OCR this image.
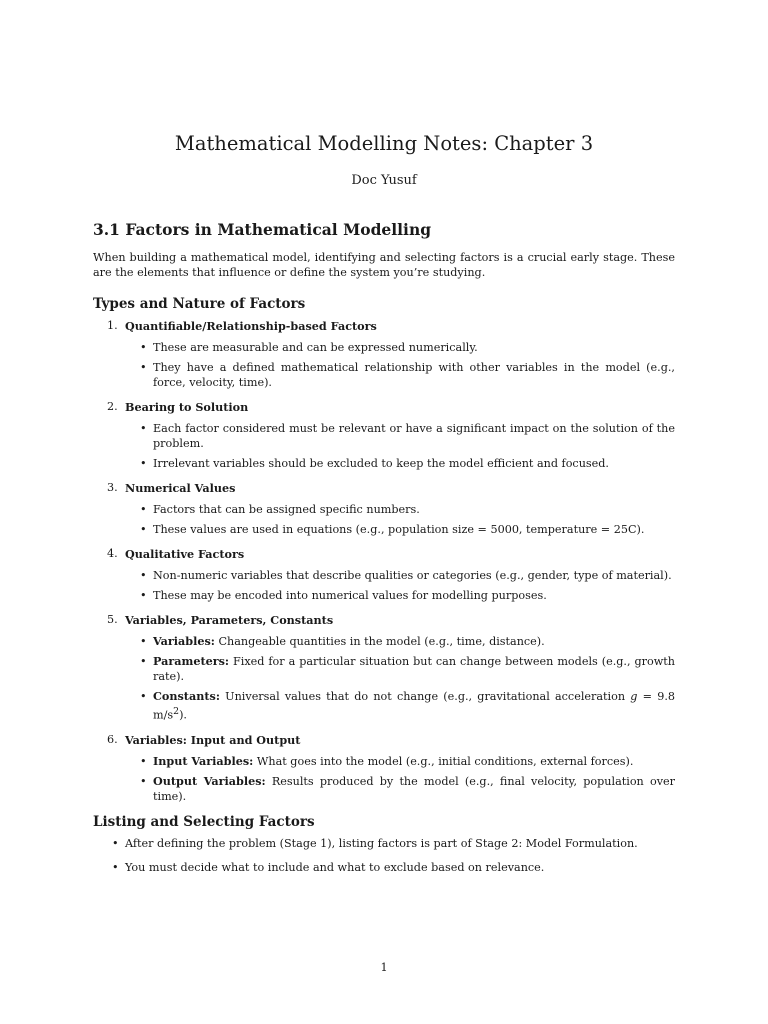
Mathematical Modelling Notes: Chapter 3
Doc Yusuf
3.1 Factors in Mathematical Modelling

When building a mathematical model, identifying and selecting factors is a crucial early stage. These are the elements that influence or define the system you’re studying.

Types and Nature of Factors
1. Quantifiable/Relationship-based Factors
• These are measurable and can be expressed numerically.
• They have a defined mathematical relationship with other variables in the model (e.g., force, velocity, time).
2. Bearing to Solution
• Each factor considered must be relevant or have a significant impact on the solution of the problem.
• Irrelevant variables should be excluded to keep the model efficient and focused.
3. Numerical Values
• Factors that can be assigned specific numbers.
• These values are used in equations (e.g., population size = 5000, temperature = 25C).
4. Qualitative Factors
• Non-numeric variables that describe qualities or categories (e.g., gender, type of material).
• These may be encoded into numerical values for modelling purposes.
5. Variables, Parameters, Constants
• Variables: Changeable quantities in the model (e.g., time, distance).
• Parameters: Fixed for a particular situation but can change between models (e.g., growth rate).
• Constants: Universal values that do not change (e.g., gravitational acceleration g = 9.8 $m/s^2$).
6. Variables: Input and Output
• Input Variables: What goes into the model (e.g., initial conditions, external forces).
• Output Variables: Results produced by the model (e.g., final velocity, population over time).
Listing and Selecting Factors
• After defining the problem (Stage 1), listing factors is part of Stage 2: Model Formulation.
• You must decide what to include and what to exclude based on relevance.
1
